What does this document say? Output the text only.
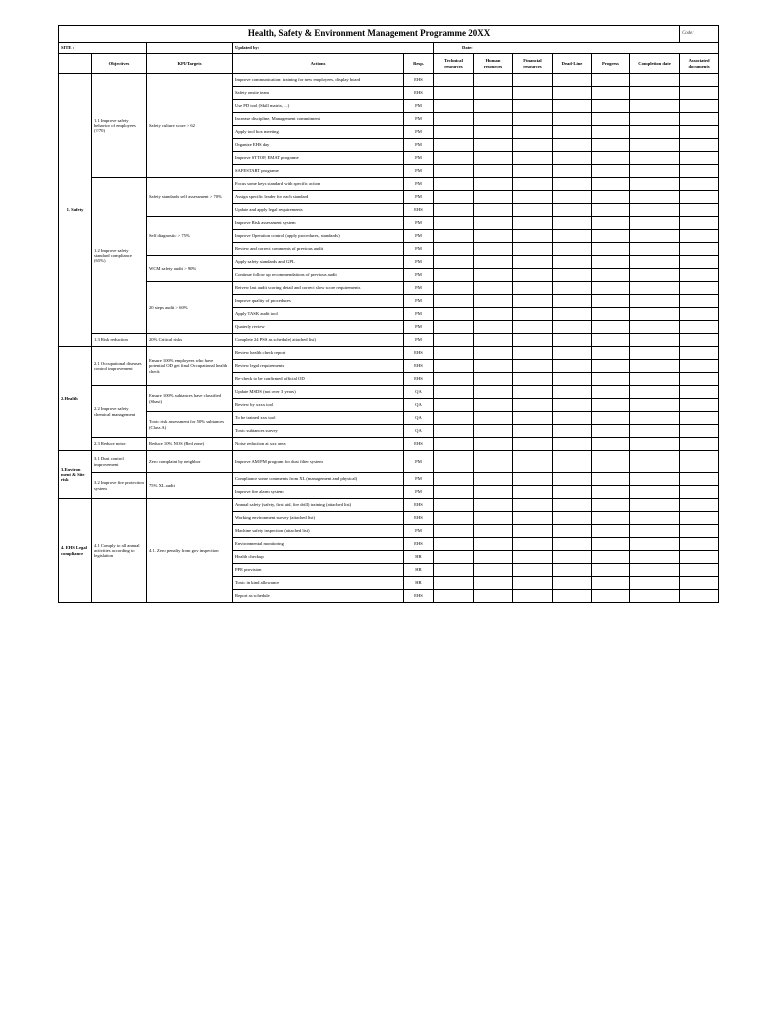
Health, Safety & Environment Management Programme 20XX											Code:
SITE :			Updated by:		Date:						
	Objectives	KPI/Targets	Actions	Resp.	Technical resources	Human resources	Financial resources	Dead-Line	Progress	Completion date	Associated documents
1. Safety	1.1 Improve safety behavior of employees (?/70)	Safety culture score > 62	Improve communication: training for new employees, display board	EHS							
			Safety onsite team	EHS							
			Use PD tool (Skill matrix, ...)	PM							
			Increase discipline, Management commitment	PM							
			Apply tool box meeting	PM							
			Organize EHS day	PM							
			Improve STTOP, EMAT programe	PM							
			SAFESTART programe	PM							
	1.2 Improve safety standard compliance (65%)	Safety standards self assessment > 70%	Focus some keys standard with specific action	PM							
			Assign specific leader for each standard	PM							
			Update and apply legal requirements	EHS							
		Self diagnostic > 75%	Improve Risk assessment system	PM							
			Improve Operation control (apply procedures, standards)	PM							
			Review and correct comments of previous audit	PM							
		WCM safety audit > 90%	Apply safety standards and GPL	PM							
			Continue follow up recommendations of previous audit	PM							
		20 steps audit > 60%	Reivew last audit scoring detail and correct slow score requirements	PM							
			Improve quality of procedures	PM							
			Apply TASK audit tool	PM							
			Quaterly review	PM							
	1.3 Risk reduction	20% Critical risks	Complete 24 PSS as schedule( attached list)	PM							
2.Health	2.1 Occupational diseases control improvement	Ensure 100% employees who have potential OD get final Occupational health check	Review health check report	EHS							
			Review legal requirements	EHS							
			Re-check to be confirmed official OD	EHS							
	2.2 Improve safety chemical management	Ensure 100% subtances have classified (Shasi)	Update MSDS (not over 3 years)	QA							
			Review by xxxx tool	QA							
		Toxic risk assessment for 50% subtances (Class A)	To be trained xxx tool	QA							
			Toxic subtances survey	QA							
	2.3 Reduce noise	Reduce 10% NOS (Red zone)	Noise reduction at xxx area	EHS							
3.Environ ment & Site risk	3.1 Dust control improvement	Zero complaint by neighbor	Improve AM/PM program for dust filter system	PM							
	3.2 Improve fire protection system	75% XL audit	Compliance some comments from XL (management and physical)	PM							
			Improve fire alarm system	PM							
4. EHS Legal compliance	4.1 Comply to all annual activities according to legislation	4.1. Zero penalty from gov inspection	Annual safety (safety, first aid, fire drill) training (attached list)	EHS							
			Working environment survey (attached list)	EHS							
			Machine safety inspection (attached list)	PM							
			Environmental monitoring	EHS							
			Health checkup	HR							
			PPE provision	HR							
			Toxic in kind allowance	HR							
			Report as schedule	EHS							
